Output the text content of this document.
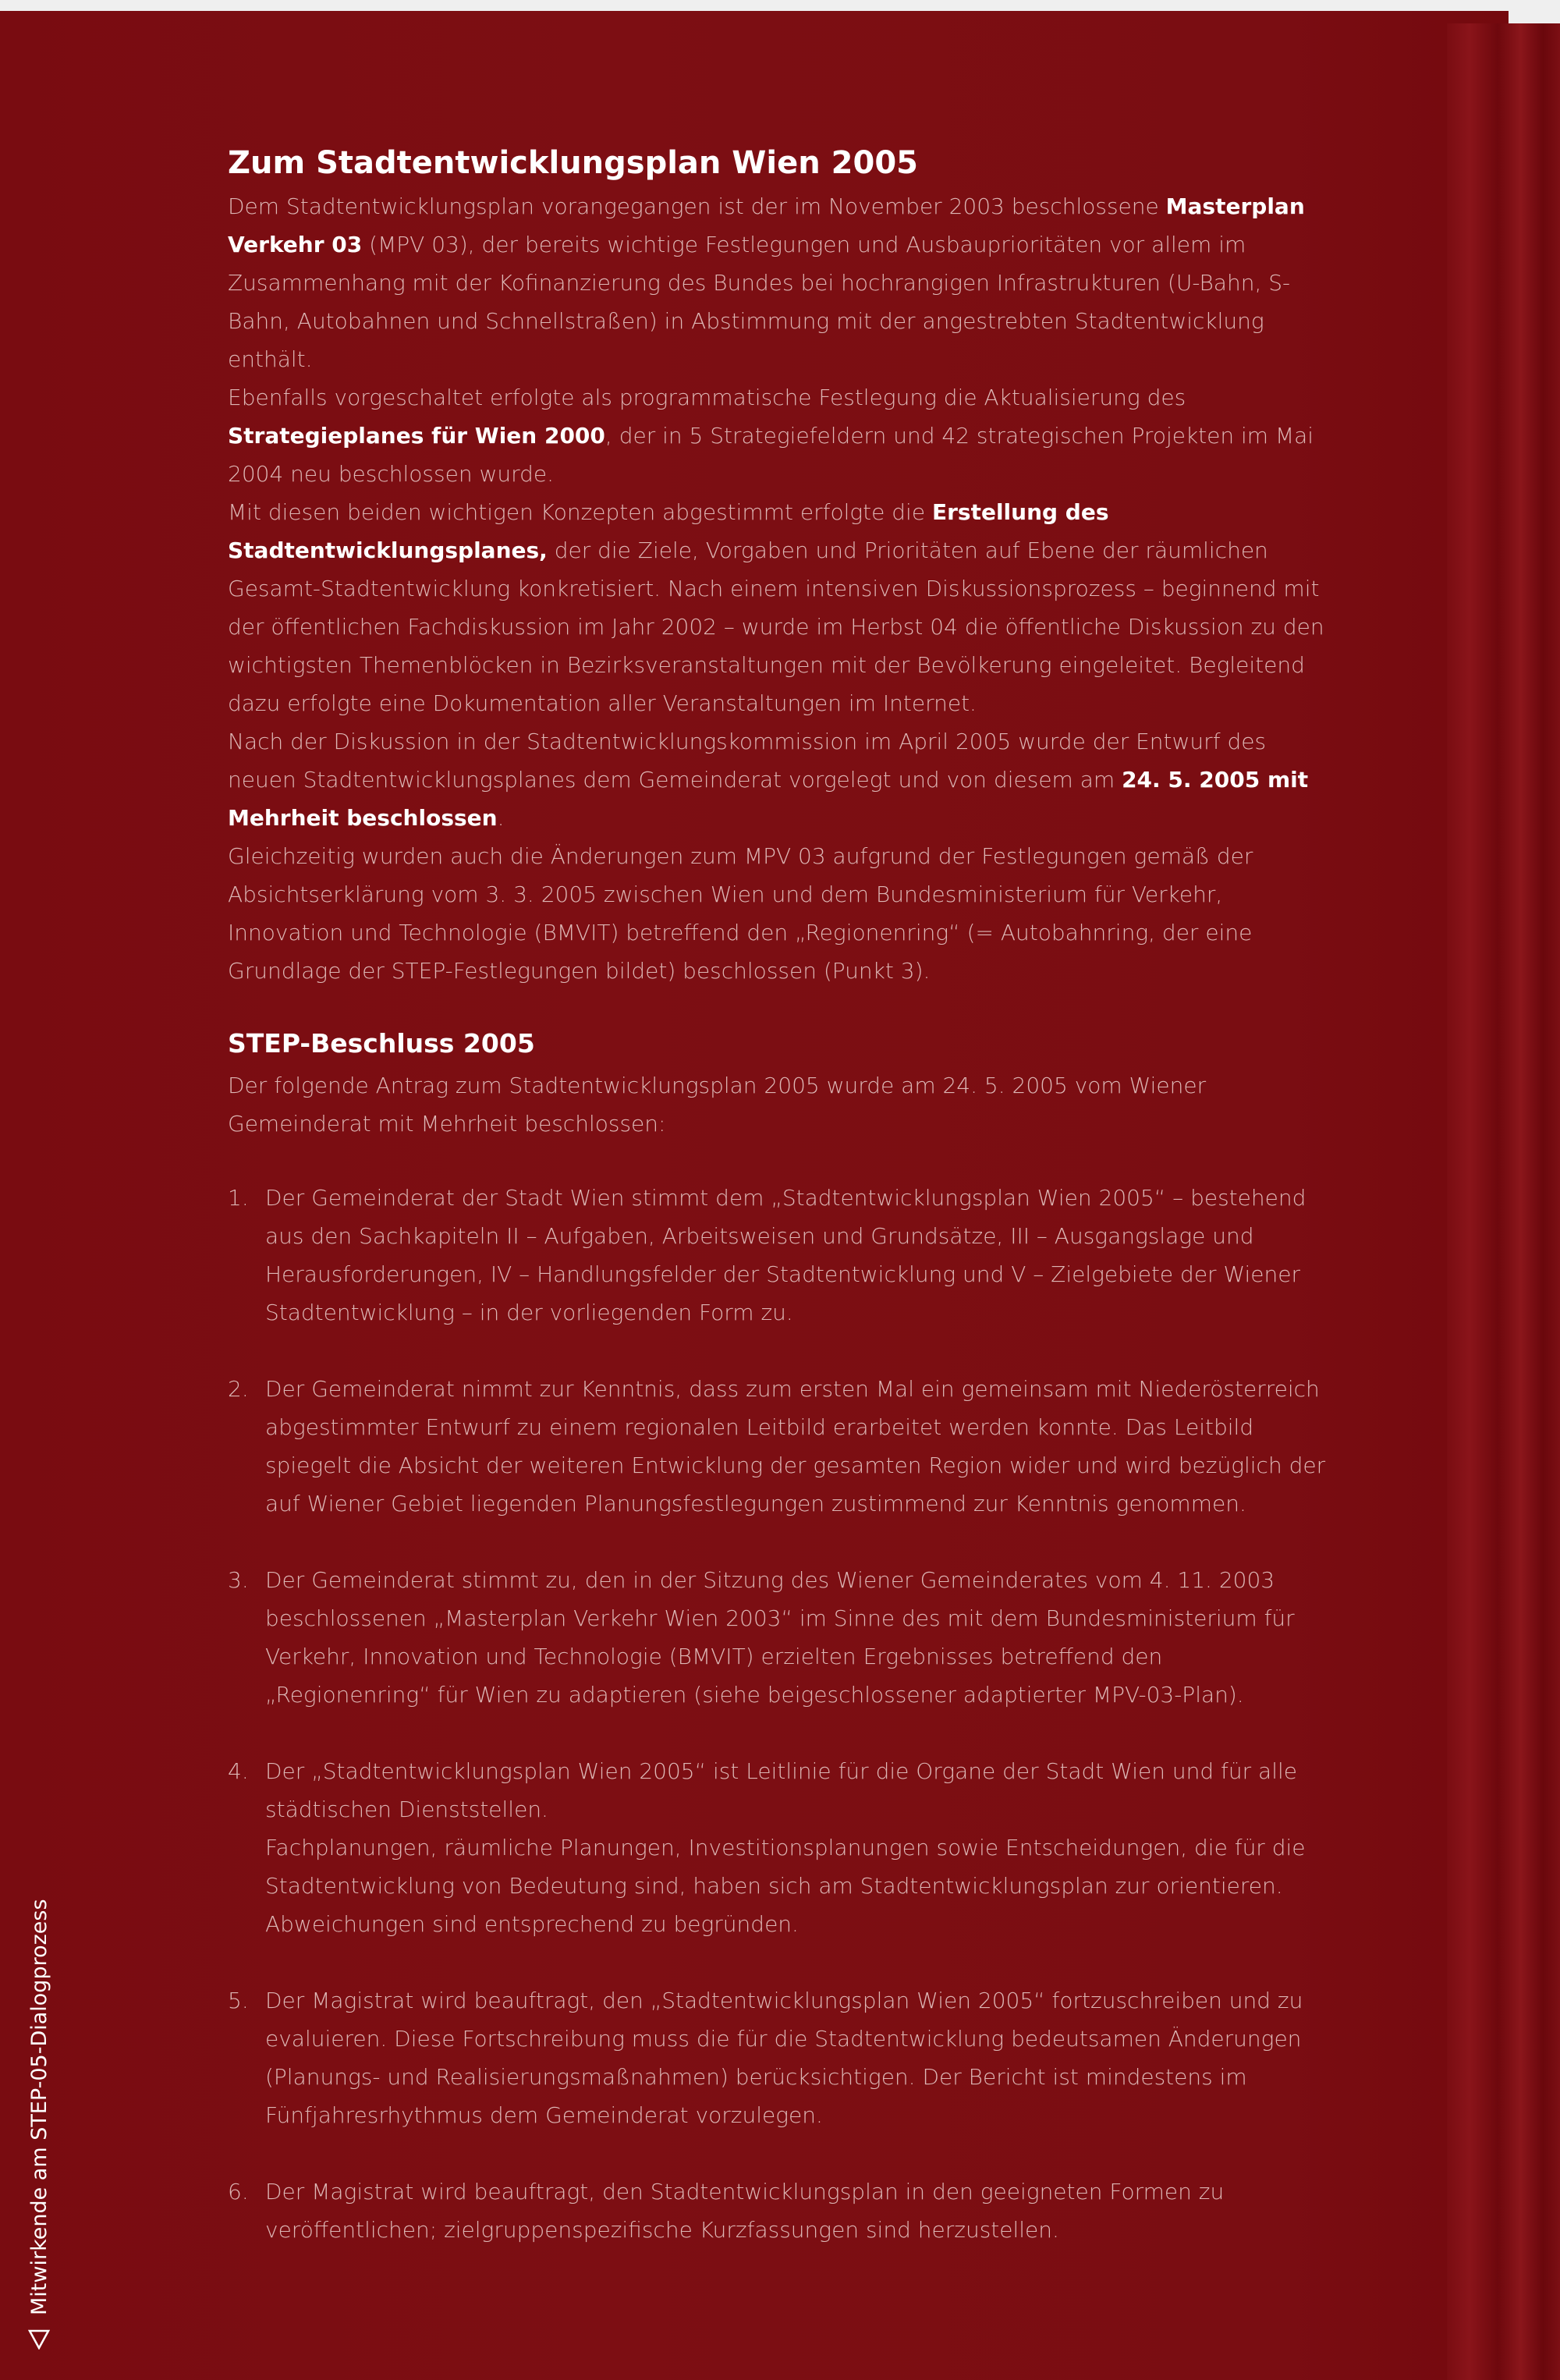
Zum Stadtentwicklungsplan Wien 2005

Dem Stadtentwicklungsplan vorangegangen ist der im November 2003 beschlossene Masterplan Verkehr 03 (MPV 03), der bereits wichtige Festlegungen und Ausbauprioritäten vor allem im Zusammenhang mit der Kofinanzierung des Bundes bei hochrangigen Infrastrukturen (U-Bahn, S-Bahn, Autobahnen und Schnellstraßen) in Abstimmung mit der angestrebten Stadtentwicklung enthält.

Ebenfalls vorgeschaltet erfolgte als programmatische Festlegung die Aktualisierung des Strategieplanes für Wien 2000, der in 5 Strategiefeldern und 42 strategischen Projekten im Mai 2004 neu beschlossen wurde.

Mit diesen beiden wichtigen Konzepten abgestimmt erfolgte die Erstellung des Stadtentwicklungsplanes, der die Ziele, Vorgaben und Prioritäten auf Ebene der räumlichen Gesamt-Stadtentwicklung konkretisiert. Nach einem intensiven Diskussionsprozess – beginnend mit der öffentlichen Fachdiskussion im Jahr 2002 – wurde im Herbst 04 die öffentliche Diskussion zu den wichtigsten Themenblöcken in Bezirksveranstaltungen mit der Bevölkerung eingeleitet. Begleitend dazu erfolgte eine Dokumentation aller Veranstaltungen im Internet.

Nach der Diskussion in der Stadtentwicklungskommission im April 2005 wurde der Entwurf des neuen Stadtentwicklungsplanes dem Gemeinderat vorgelegt und von diesem am 24. 5. 2005 mit Mehrheit beschlossen.

Gleichzeitig wurden auch die Änderungen zum MPV 03 aufgrund der Festlegungen gemäß der Absichtserklärung vom 3. 3. 2005 zwischen Wien und dem Bundesministerium für Verkehr, Innovation und Technologie (BMVIT) betreffend den „Regionenring“ (= Autobahnring, der eine Grundlage der STEP-Festlegungen bildet) beschlossen (Punkt 3).

STEP-Beschluss 2005

Der folgende Antrag zum Stadtentwicklungsplan 2005 wurde am 24. 5. 2005 vom Wiener Gemeinderat mit Mehrheit beschlossen:

1. Der Gemeinderat der Stadt Wien stimmt dem „Stadtentwicklungsplan Wien 2005“ – bestehend aus den Sachkapiteln II – Aufgaben, Arbeitsweisen und Grundsätze, III – Ausgangslage und Herausforderungen, IV – Handlungsfelder der Stadtentwicklung und V – Zielgebiete der Wiener Stadtentwicklung – in der vorliegenden Form zu.
2. Der Gemeinderat nimmt zur Kenntnis, dass zum ersten Mal ein gemeinsam mit Niederösterreich abgestimmter Entwurf zu einem regionalen Leitbild erarbeitet werden konnte. Das Leitbild spiegelt die Absicht der weiteren Entwicklung der gesamten Region wider und wird bezüglich der auf Wiener Gebiet liegenden Planungsfestlegungen zustimmend zur Kenntnis genommen.
3. Der Gemeinderat stimmt zu, den in der Sitzung des Wiener Gemeinderates vom 4. 11. 2003 beschlossenen „Masterplan Verkehr Wien 2003“ im Sinne des mit dem Bundesministerium für Verkehr, Innovation und Technologie (BMVIT) erzielten Ergebnisses betreffend den „Regionenring“ für Wien zu adaptieren (siehe beigeschlossener adaptierter MPV-03-Plan).
4. Der „Stadtentwicklungsplan Wien 2005“ ist Leitlinie für die Organe der Stadt Wien und für alle städtischen Dienststellen.
Fachplanungen, räumliche Planungen, Investitionsplanungen sowie Entscheidungen, die für die Stadtentwicklung von Bedeutung sind, haben sich am Stadtentwicklungsplan zur orientieren. Abweichungen sind entsprechend zu begründen.
5. Der Magistrat wird beauftragt, den „Stadtentwicklungsplan Wien 2005“ fortzuschreiben und zu evaluieren. Diese Fortschreibung muss die für die Stadtentwicklung bedeutsamen Änderungen (Planungs- und Realisierungsmaßnahmen) berücksichtigen. Der Bericht ist mindestens im Fünfjahresrhythmus dem Gemeinderat vorzulegen.
6. Der Magistrat wird beauftragt, den Stadtentwicklungsplan in den geeigneten Formen zu veröffentlichen; zielgruppenspezifische Kurzfassungen sind herzustellen.
Mitwirkende am STEP-05-Dialogprozess
